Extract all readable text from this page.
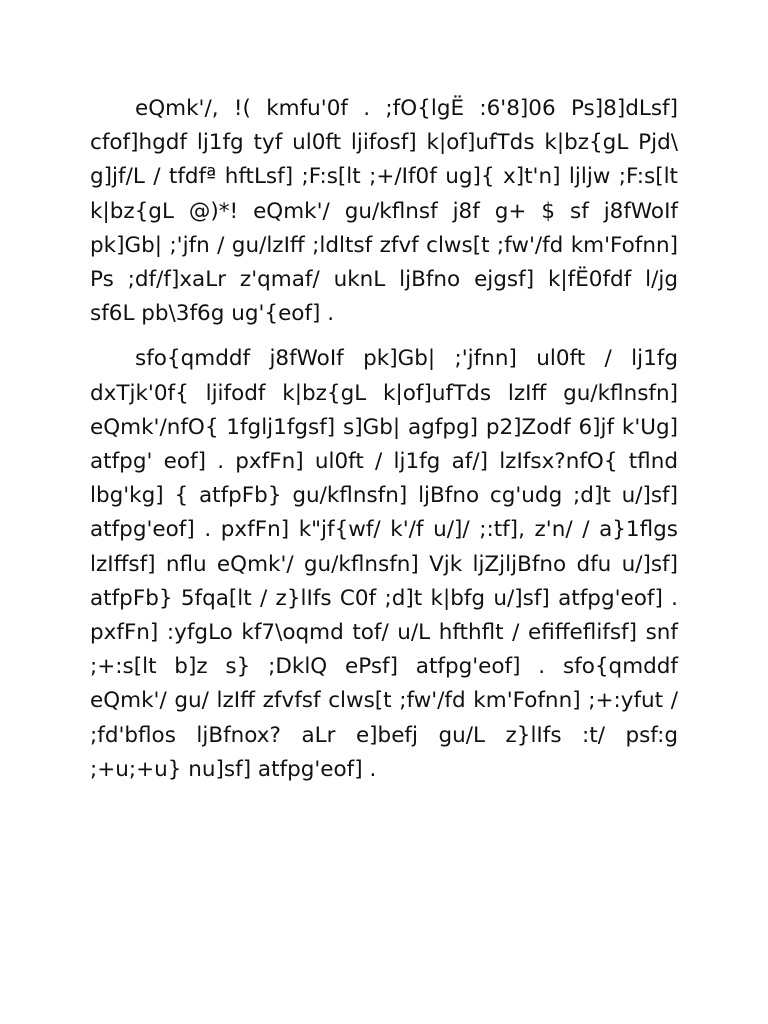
eQmk'/, !( kmfu'0f . ;fO{lgË :6'8]06 Ps]8]dLsf] cfof]hgdf lj1fg tyf ul0ft ljifosf] k|of]ufTds k|bz{gL Pjd\ g]jf/L / tfdfª hftLsf] ;F:s[lt ;+/If0f ug]{ x]t'n] ljljw ;F:s[lt k|bz{gL @)*! eQmk'/ gu/kflnsf j8f g+ $ sf j8fWoIf pk]Gb| ;'jfn / gu/lzIff ;ldltsf zfvf clws[t ;fw'/fd km'Fofnn] Ps ;df/f]xaLr z'qmaf/ uknL ljBfno ejgsf] k|fË0fdf l/jg sf6L pb\3f6g ug'{eof] .

sfo{qmddf j8fWoIf pk]Gb| ;'jfnn] ul0ft / lj1fg dxTjk'0f{ ljifodf k|bz{gL k|of]ufTds lzIff gu/kflnsfn] eQmk'/nfO{ 1fglj1fgsf] s]Gb| agfpg] p2]Zodf 6]jf k'Ug] atfpg' eof] . pxfFn] ul0ft / lj1fg af/] lzIfsx?nfO{ tflnd lbg'kg] { atfpFb} gu/kflnsfn] ljBfno cg'udg ;d]t u/]sf] atfpg'eof] . pxfFn] k"jf{wf/ k'/f u/]/ ;:tf], z'n/ / a}1flgs lzIffsf] nflu eQmk'/ gu/kflnsfn] Vjk ljZjljBfno dfu u/]sf] atfpFb} 5fqa[lt / z}lIfs C0f ;d]t k|bfg u/]sf] atfpg'eof] . pxfFn] :yfgLo kf7\oqmd tof/ u/L hfthflt / efiffeflifsf] snf ;+:s[lt b]z s} ;DklQ ePsf] atfpg'eof] . sfo{qmddf eQmk'/ gu/ lzIff zfvfsf clws[t ;fw'/fd km'Fofnn] ;+:yfut / ;fd'bflos ljBfnox? aLr e]befj gu/L z}lIfs :t/ psf:g ;+u;+u} nu]sf] atfpg'eof] .
